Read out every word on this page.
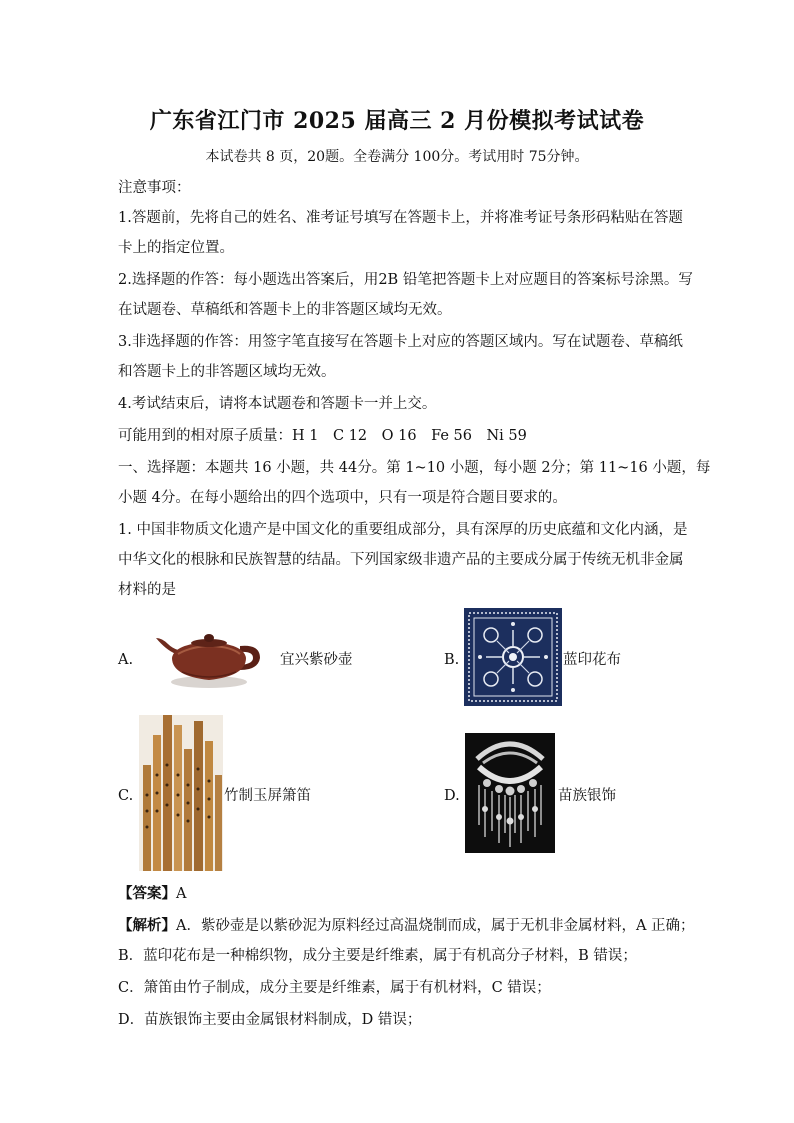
广东省江门市 2025 届高三 2 月份模拟考试试卷
本试卷共 8 页，20题。全卷满分 100分。考试用时 75分钟。
注意事项：
1.答题前，先将自己的姓名、准考证号填写在答题卡上，并将准考证号条形码粘贴在答题
卡上的指定位置。
2.选择题的作答：每小题选出答案后，用2B 铅笔把答题卡上对应题目的答案标号涂黑。写
在试题卷、草稿纸和答题卡上的非答题区域均无效。
3.非选择题的作答：用签字笔直接写在答题卡上对应的答题区域内。写在试题卷、草稿纸
和答题卡上的非答题区域均无效。
4.考试结束后，请将本试题卷和答题卡一并上交。
可能用到的相对原子质量：H 1　C 12　O 16　Fe 56　Ni 59
一、选择题：本题共 16 小题，共 44分。第 1~10 小题，每小题 2分；第 11~16 小题，每
小题 4分。在每小题给出的四个选项中，只有一项是符合题目要求的。
1. 中国非物质文化遗产是中国文化的重要组成部分，具有深厚的历史底蕴和文化内涵，是
中华文化的根脉和民族智慧的结晶。下列国家级非遗产品的主要成分属于传统无机非金属
材料的是
A.	宜兴紫砂壶	B.	蓝印花布
C.	竹制玉屏箫笛	D.	苗族银饰
【答案】A
【解析】A．紫砂壶是以紫砂泥为原料经过高温烧制而成，属于无机非金属材料，A 正确；
B．蓝印花布是一种棉织物，成分主要是纤维素，属于有机高分子材料，B 错误；
C．箫笛由竹子制成，成分主要是纤维素，属于有机材料，C 错误；
D．苗族银饰主要由金属银材料制成，D 错误；
